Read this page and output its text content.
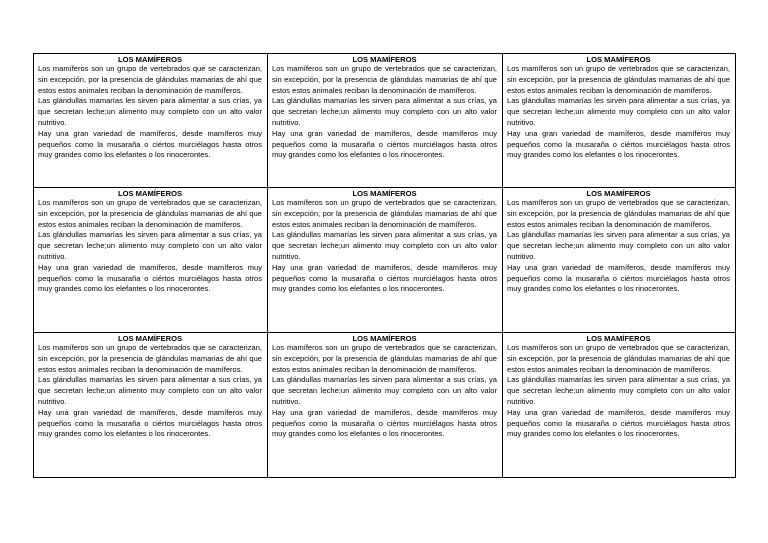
LOS MAMÍFEROS

Los mamíferos son un grupo de vertebrados que se caracterizan, sin excepción, por la presencia de glándulas mamarias de ahí que estos estos animales reciban la denominación de mamíferos.

Las glándullas mamarías les sirven para alimentar a sus crías, ya que secretan leche;un alimento muy completo con un alto valor nutritivo.

Hay una gran variedad de mamíferos, desde mamíferos muy pequeños como la musaraña o ciértos murciélagos hasta otros muy grandes como los elefantes o los rinocerontes.

LOS MAMÍFEROS

Los mamíferos son un grupo de vertebrados que se caracterizan, sin excepción, por la presencia de glándulas mamarias de ahí que estos estos animales reciban la denominación de mamíferos.

Las glándullas mamarías les sirven para alimentar a sus crías, ya que secretan leche;un alimento muy completo con un alto valor nutritivo.

Hay una gran variedad de mamíferos, desde mamíferos muy pequeños como la musaraña o ciértos murciélagos hasta otros muy grandes como los elefantes o los rinocerontes.

LOS MAMÍFEROS

Los mamíferos son un grupo de vertebrados que se caracterizan, sin excepción, por la presencia de glándulas mamarias de ahí que estos estos animales reciban la denominación de mamíferos.

Las glándullas mamarías les sirven para alimentar a sus crías, ya que secretan leche;un alimento muy completo con un alto valor nutritivo.

Hay una gran variedad de mamíferos, desde mamíferos muy pequeños como la musaraña o ciértos murciélagos hasta otros muy grandes como los elefantes o los rinocerontes.

LOS MAMÍFEROS

Los mamíferos son un grupo de vertebrados que se caracterizan, sin excepción, por la presencia de glándulas mamarias de ahí que estos estos animales reciban la denominación de mamíferos.

Las glándullas mamarías les sirven para alimentar a sus crías, ya que secretan leche;un alimento muy completo con un alto valor nutritivo.

Hay una gran variedad de mamíferos, desde mamíferos muy pequeños como la musaraña o ciértos murciélagos hasta otros muy grandes como los elefantes o los rinocerontes.

LOS MAMÍFEROS

Los mamíferos son un grupo de vertebrados que se caracterizan, sin excepción, por la presencia de glándulas mamarias de ahí que estos estos animales reciban la denominación de mamíferos.

Las glándullas mamarías les sirven para alimentar a sus crías, ya que secretan leche;un alimento muy completo con un alto valor nutritivo.

Hay una gran variedad de mamíferos, desde mamíferos muy pequeños como la musaraña o ciértos murciélagos hasta otros muy grandes como los elefantes o los rinocerontes.

LOS MAMÍFEROS

Los mamíferos son un grupo de vertebrados que se caracterizan, sin excepción, por la presencia de glándulas mamarias de ahí que estos estos animales reciban la denominación de mamíferos.

Las glándullas mamarías les sirven para alimentar a sus crías, ya que secretan leche;un alimento muy completo con un alto valor nutritivo.

Hay una gran variedad de mamíferos, desde mamíferos muy pequeños como la musaraña o ciértos murciélagos hasta otros muy grandes como los elefantes o los rinocerontes.

LOS MAMÍFEROS

Los mamíferos son un grupo de vertebrados que se caracterizan, sin excepción, por la presencia de glándulas mamarias de ahí que estos estos animales reciban la denominación de mamíferos.

Las glándullas mamarías les sirven para alimentar a sus crías, ya que secretan leche;un alimento muy completo con un alto valor nutritivo.

Hay una gran variedad de mamíferos, desde mamíferos muy pequeños como la musaraña o ciértos murciélagos hasta otros muy grandes como los elefantes o los rinocerontes.

LOS MAMÍFEROS

Los mamíferos son un grupo de vertebrados que se caracterizan, sin excepción, por la presencia de glándulas mamarias de ahí que estos estos animales reciban la denominación de mamíferos.

Las glándullas mamarías les sirven para alimentar a sus crías, ya que secretan leche;un alimento muy completo con un alto valor nutritivo.

Hay una gran variedad de mamíferos, desde mamíferos muy pequeños como la musaraña o ciértos murciélagos hasta otros muy grandes como los elefantes o los rinocerontes.

LOS MAMÍFEROS

Los mamíferos son un grupo de vertebrados que se caracterizan, sin excepción, por la presencia de glándulas mamarias de ahí que estos estos animales reciban la denominación de mamíferos.

Las glándullas mamarías les sirven para alimentar a sus crías, ya que secretan leche;un alimento muy completo con un alto valor nutritivo.

Hay una gran variedad de mamíferos, desde mamíferos muy pequeños como la musaraña o ciértos murciélagos hasta otros muy grandes como los elefantes o los rinocerontes.
